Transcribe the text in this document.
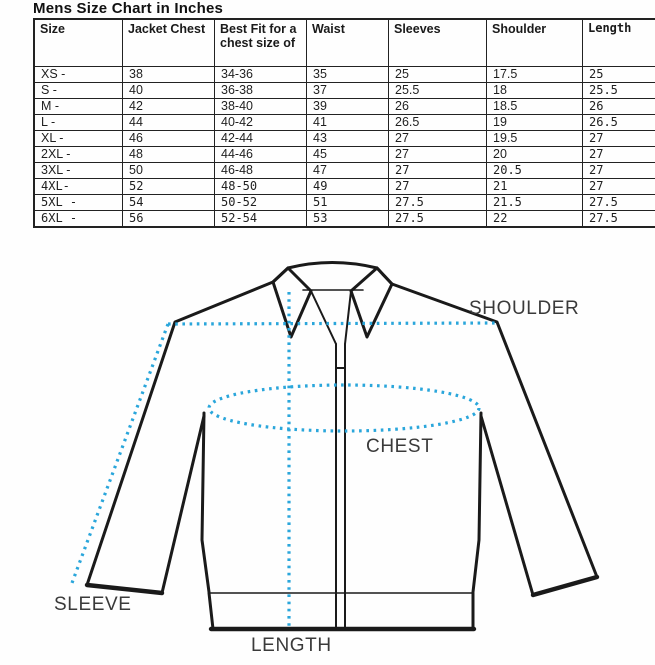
Mens Size Chart in Inches
Size	Jacket Chest	Best Fit for a chest size of	Waist	Sleeves	Shoulder	Length
XS -	38	34-36	35	25	17.5	25
S -	40	36-38	37	25.5	18	25.5
M -	42	38-40	39	26	18.5	26
L -	44	40-42	41	26.5	19	26.5
XL -	46	42-44	43	27	19.5	27
2XL -	48	44-46	45	27	20	27
3XL -	50	46-48	47	27	20.5	27
4XL-	52	48-50	49	27	21	27
5XL -	54	50-52	51	27.5	21.5	27.5
6XL -	56	52-54	53	27.5	22	27.5
SHOULDER
CHEST
SLEEVE
LENGTH
